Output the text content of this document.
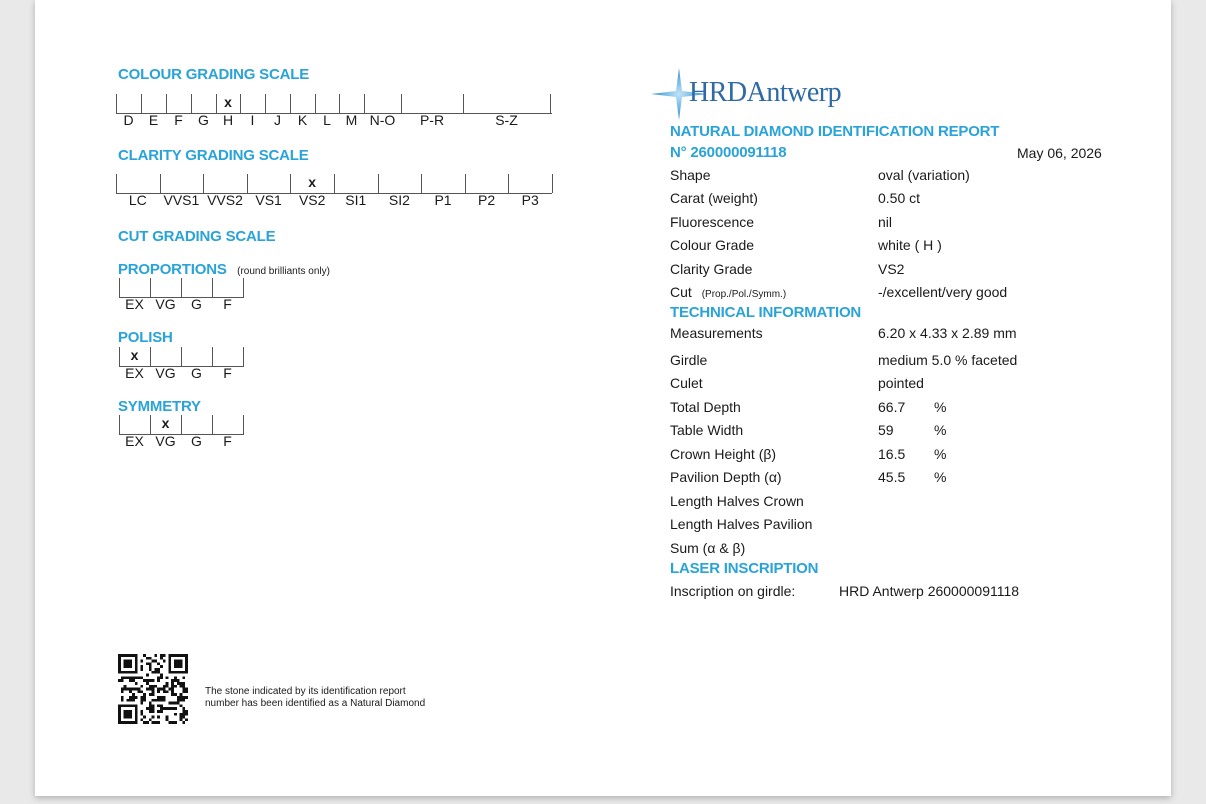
COLOUR GRADING SCALE
D E F G H
x
I J K L M N-O P-R	S-Z
CLARITY GRADING SCALE
LC VVS1 VVS2 VS1 VS2
x
SI1 SI2 P1 P2 P3
CUT GRADING SCALE
PROPORTIONS (round brilliants only)
EX VG G F
POLISH
EX
x
VG G F
SYMMETRY
EX VG
x
G F
HRDAntwerp
NATURAL DIAMOND IDENTIFICATION REPORT
N° 260000091118	May 06, 2026
Shape	oval (variation)
Carat (weight)	0.50 ct
Fluorescence	nil
Colour Grade	white ( H )
Clarity Grade	VS2
Cut (Prop./Pol./Symm.)	-/excellent/very good
TECHNICAL INFORMATION
Measurements	6.20 x 4.33 x 2.89 mm
Girdle	medium 5.0 % faceted
Culet	pointed
Total Depth	66.7 %
Table Width	59	%
Crown Height (β)	16.5 %
Pavilion Depth (α)	45.5 %
Length Halves Crown
Length Halves Pavilion
Sum (α & β)
LASER INSCRIPTION
Inscription on girdle:	HRD Antwerp 260000091118
The stone indicated by its identification report
number has been identified as a Natural Diamond
